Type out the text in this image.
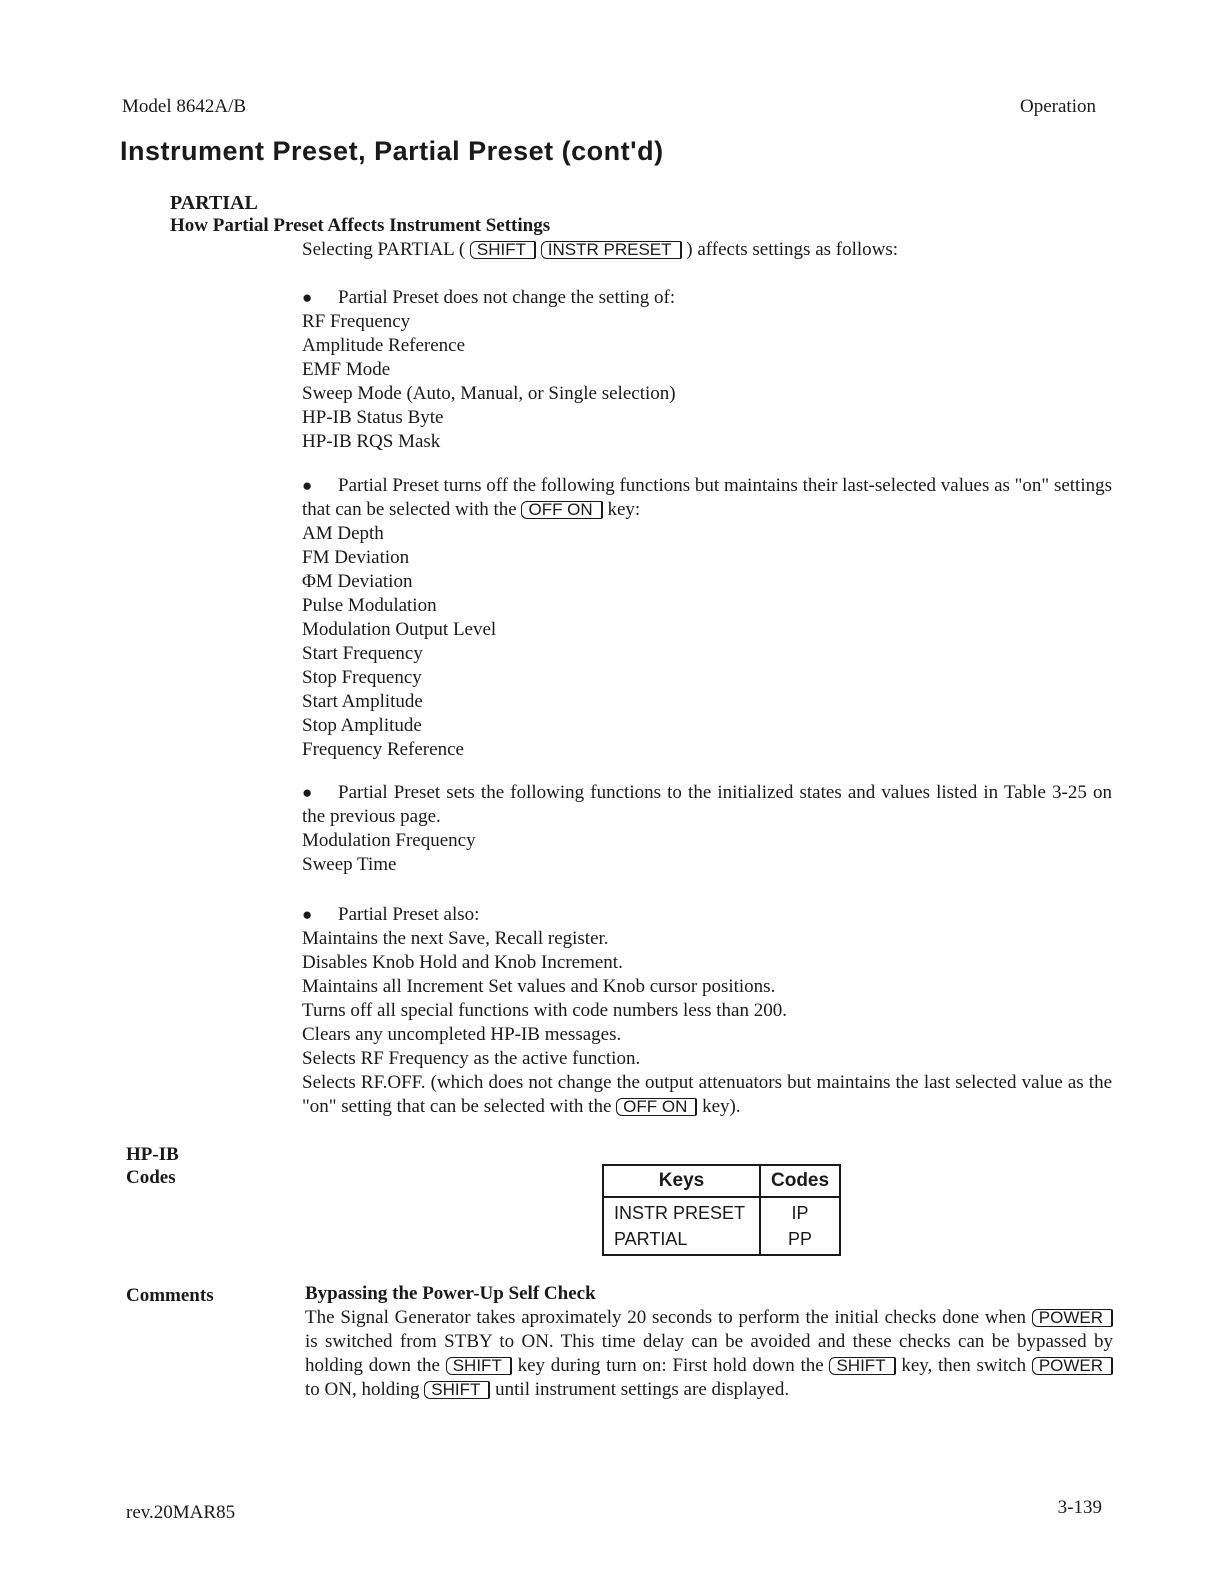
Model 8642A/B	Operation
Instrument Preset, Partial Preset (cont'd)
PARTIAL
How Partial Preset Affects Instrument Settings
Selecting PARTIAL ( SHIFT INSTR PRESET ) affects settings as follows:
● Partial Preset does not change the setting of:
RF Frequency
Amplitude Reference
EMF Mode
Sweep Mode (Auto, Manual, or Single selection)
HP-IB Status Byte
HP-IB RQS Mask
● Partial Preset turns off the following functions but maintains their last-selected values as "on" settings that can be selected with the OFF ON key:
AM Depth
FM Deviation
ΦM Deviation
Pulse Modulation
Modulation Output Level
Start Frequency
Stop Frequency
Start Amplitude
Stop Amplitude
Frequency Reference
● Partial Preset sets the following functions to the initialized states and values listed in Table 3-25 on the previous page.
Modulation Frequency
Sweep Time
● Partial Preset also:
Maintains the next Save, Recall register.
Disables Knob Hold and Knob Increment.
Maintains all Increment Set values and Knob cursor positions.
Turns off all special functions with code numbers less than 200.
Clears any uncompleted HP-IB messages.
Selects RF Frequency as the active function.
Selects RF.OFF. (which does not change the output attenuators but maintains the last selected value as the "on" setting that can be selected with the OFF ON key).
HP-IB
Codes	Keys	Codes
INSTR PRESET	IP
PARTIAL	PP
Comments	Bypassing the Power-Up Self Check
The Signal Generator takes aproximately 20 seconds to perform the initial checks done when POWER is switched from STBY to ON. This time delay can be avoided and these checks can be bypassed by holding down the SHIFT key during turn on: First hold down the SHIFT key, then switch POWER to ON, holding SHIFT until instrument settings are displayed.
rev.20MAR85	3-139
